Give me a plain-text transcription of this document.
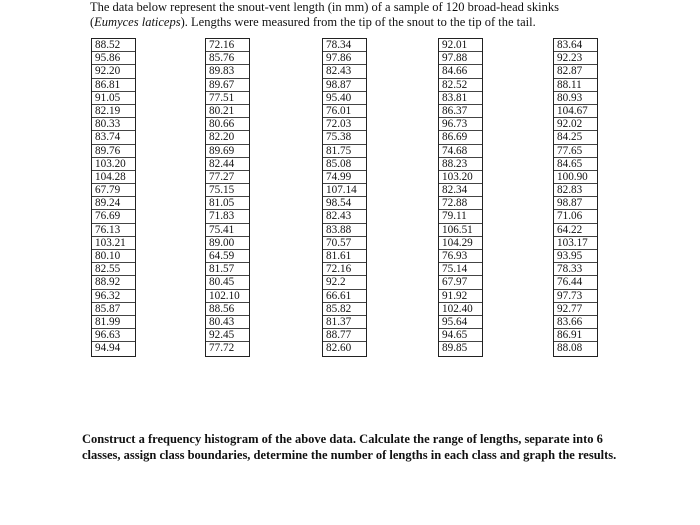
The data below represent the snout-vent length (in mm) of a sample of 120 broad-head skinks
(Eumyces laticeps). Lengths were measured from the tip of the snout to the tip of the tail.
88.52
95.86
92.20
86.81
91.05
82.19
80.33
83.74
89.76
103.20
104.28
67.79
89.24
76.69
76.13
103.21
80.10
82.55
88.92
96.32
85.87
81.99
96.63
94.94
72.16
85.76
89.83
89.67
77.51
80.21
80.66
82.20
89.69
82.44
77.27
75.15
81.05
71.83
75.41
89.00
64.59
81.57
80.45
102.10
88.56
80.43
92.45
77.72
78.34
97.86
82.43
98.87
95.40
76.01
72.03
75.38
81.75
85.08
74.99
107.14
98.54
82.43
83.88
70.57
81.61
72.16
92.2
66.61
85.82
81.37
88.77
82.60
92.01
97.88
84.66
82.52
83.81
86.37
96.73
86.69
74.68
88.23
103.20
82.34
72.88
79.11
106.51
104.29
76.93
75.14
67.97
91.92
102.40
95.64
94.65
89.85
83.64
92.23
82.87
88.11
80.93
104.67
92.02
84.25
77.65
84.65
100.90
82.83
98.87
71.06
64.22
103.17
93.95
78.33
76.44
97.73
92.77
83.66
86.91
88.08
Construct a frequency histogram of the above data. Calculate the range of lengths, separate into 6 classes, assign class boundaries, determine the number of lengths in each class and graph the results.
